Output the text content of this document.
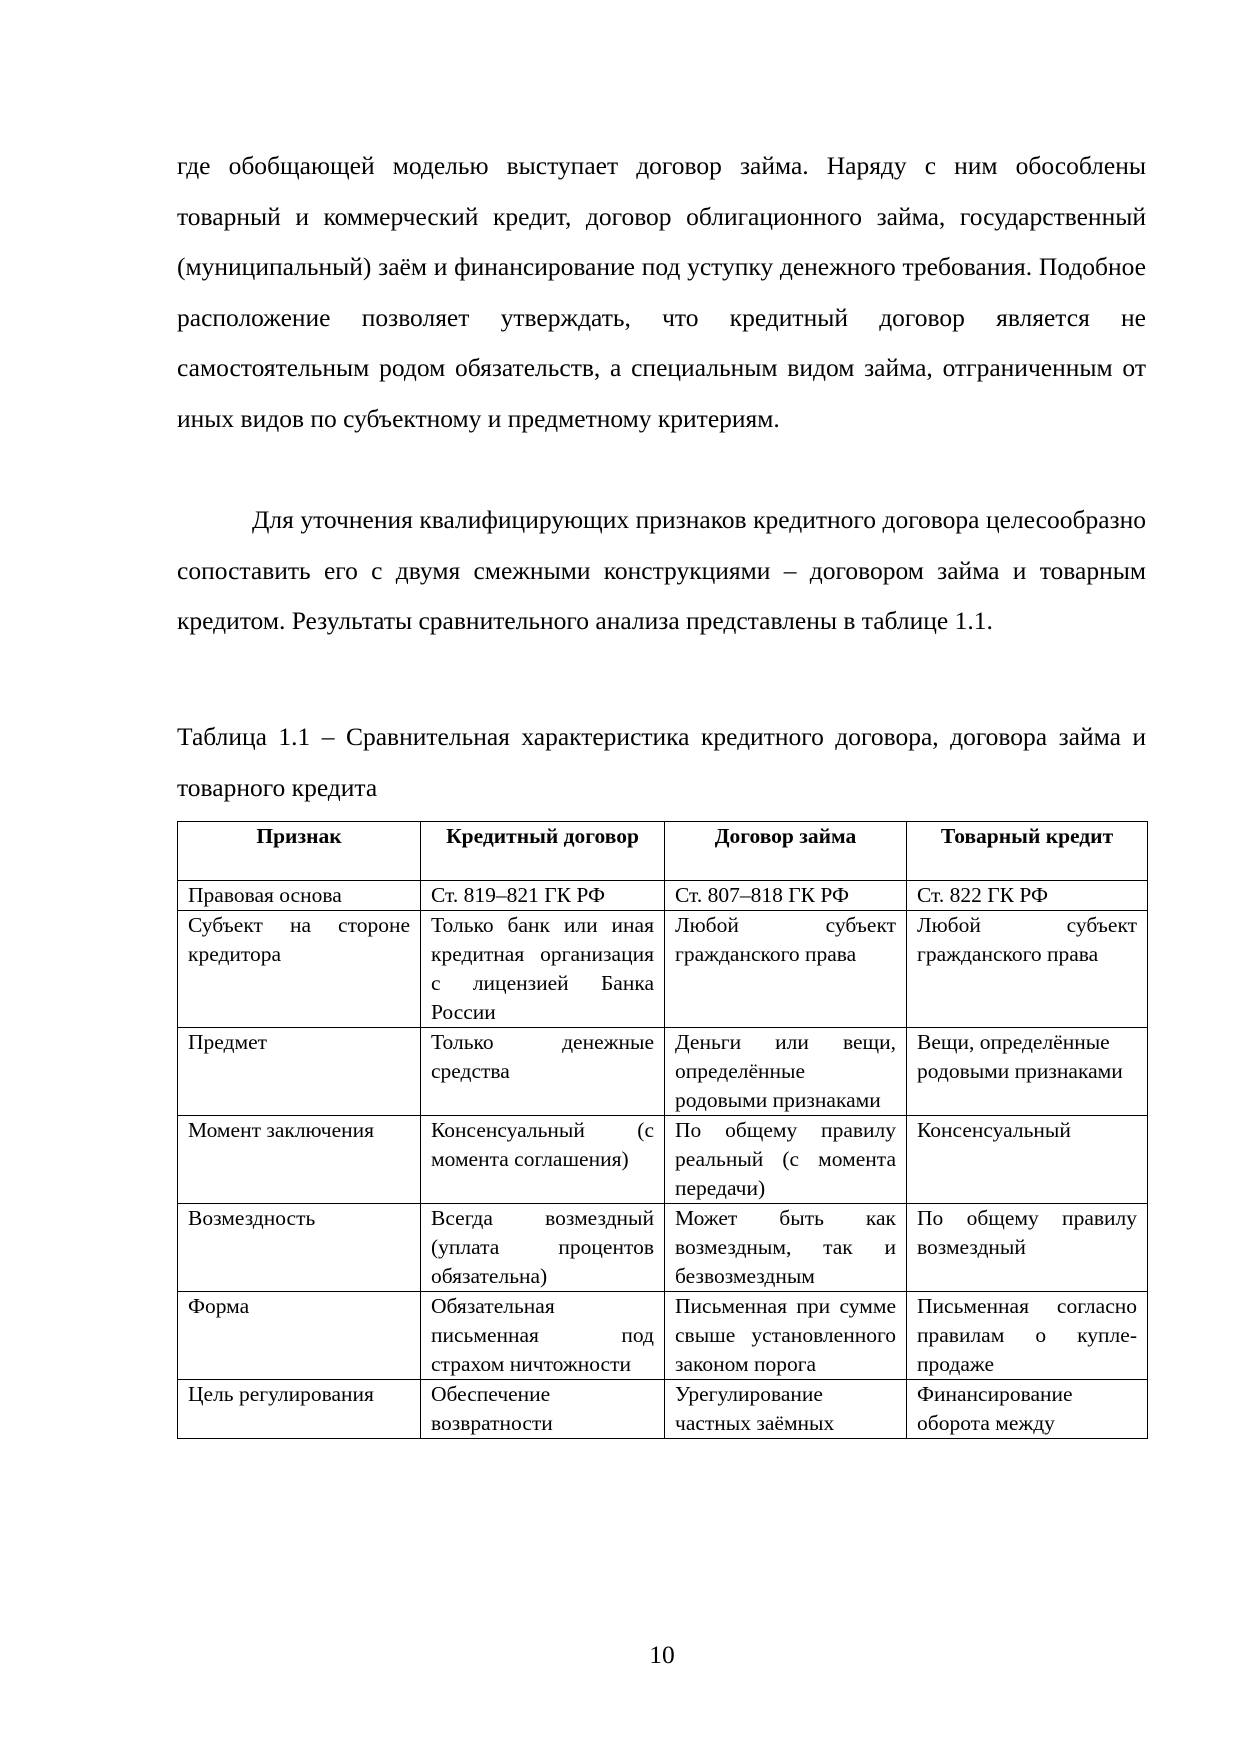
где обобщающей моделью выступает договор займа. Наряду с ним обособлены товарный и коммерческий кредит, договор облигационного займа, государственный (муниципальный) заём и финансирование под уступку денежного требования. Подобное расположение позволяет утверждать, что кредитный договор является не самостоятельным родом обязательств, а специальным видом займа, отграниченным от иных видов по субъектному и предметному критериям.

Для уточнения квалифицирующих признаков кредитного договора целесообразно сопоставить его с двумя смежными конструкциями – договором займа и товарным кредитом. Результаты сравнительного анализа представлены в таблице 1.1.

Таблица 1.1 – Сравнительная характеристика кредитного договора, договора займа и товарного кредита

Признак	Кредитный договор	Договор займа	Товарный кредит
Правовая основа	Ст. 819–821 ГК РФ	Ст. 807–818 ГК РФ	Ст. 822 ГК РФ
Субъект на стороне кредитора	Только банк или иная кредитная организация с лицензией Банка России	Любой субъект гражданского права	Любой субъект гражданского права
Предмет	Только денежные средства	Деньги или вещи, определённые родовыми признаками	Вещи, определённые родовыми признаками
Момент заключения	Консенсуальный (с момента соглашения)	По общему правилу реальный (с момента передачи)	Консенсуальный
Возмездность	Всегда возмездный (уплата процентов обязательна)	Может быть как возмездным, так и безвозмездным	По общему правилу возмездный
Форма	Обязательная письменная под страхом ничтожности	Письменная при сумме свыше установленного законом порога	Письменная согласно правилам о купле-продаже
Цель регулирования	Обеспечение возвратности	Урегулирование частных заёмных	Финансирование оборота между
10
